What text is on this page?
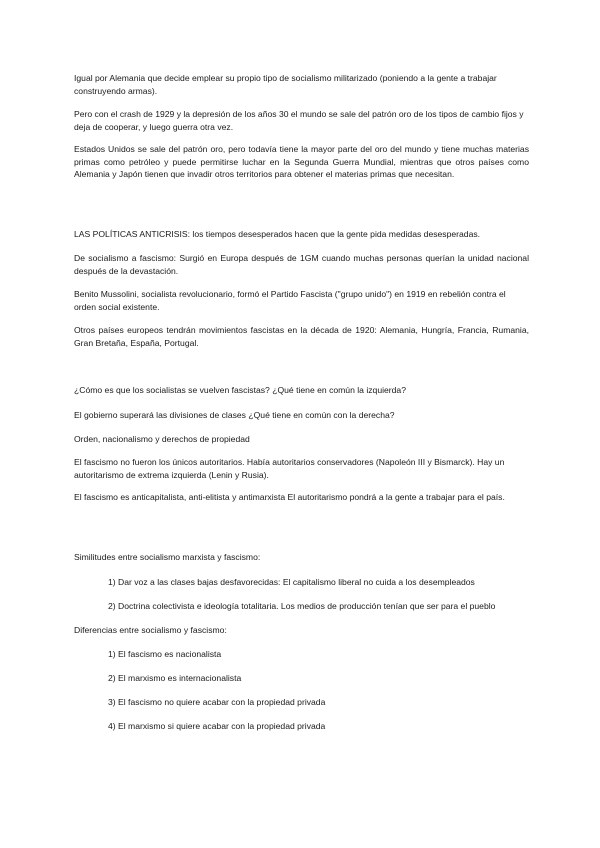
Igual por Alemania que decide emplear su propio tipo de socialismo militarizado (poniendo a la gente a trabajar construyendo armas).

Pero con el crash de 1929 y la depresión de los años 30 el mundo se sale del patrón oro de los tipos de cambio fijos y deja de cooperar, y luego guerra otra vez.

Estados Unidos se sale del patrón oro, pero todavía tiene la mayor parte del oro del mundo y tiene muchas materias primas como petróleo y puede permitirse luchar en la Segunda Guerra Mundial, mientras que otros países como Alemania y Japón tienen que invadir otros territorios para obtener el materias primas que necesitan.

LAS POLÍTICAS ANTICRISIS: los tiempos desesperados hacen que la gente pida medidas desesperadas.

De socialismo a fascismo: Surgió en Europa después de 1GM cuando muchas personas querían la unidad nacional después de la devastación.

Benito Mussolini, socialista revolucionario, formó el Partido Fascista ("grupo unido") en 1919 en rebelión contra el orden social existente.

Otros países europeos tendrán movimientos fascistas en la década de 1920: Alemania, Hungría, Francia, Rumania, Gran Bretaña, España, Portugal.

¿Cómo es que los socialistas se vuelven fascistas? ¿Qué tiene en común la izquierda?

El gobierno superará las divisiones de clases ¿Qué tiene en común con la derecha?

Orden, nacionalismo y derechos de propiedad

El fascismo no fueron los únicos autoritarios. Había autoritarios conservadores (Napoleón III y Bismarck). Hay un autoritarismo de extrema izquierda (Lenin y Rusia).

El fascismo es anticapitalista, anti-elitista y antimarxista El autoritarismo pondrá a la gente a trabajar para el país.

Similitudes entre socialismo marxista y fascismo:

1) Dar voz a las clases bajas desfavorecidas: El capitalismo liberal no cuida a los desempleados

2) Doctrina colectivista e ideología totalitaria. Los medios de producción tenían que ser para el pueblo

Diferencias entre socialismo y fascismo:

1) El fascismo es nacionalista

2) El marxismo es internacionalista

3) El fascismo no quiere acabar con la propiedad privada

4) El marxismo si quiere acabar con la propiedad privada
